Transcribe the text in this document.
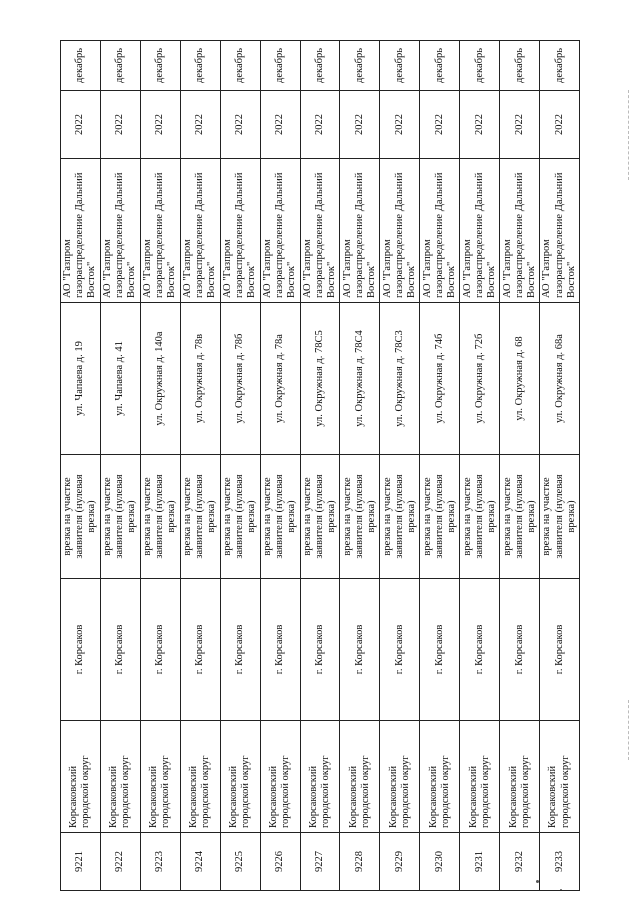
9221	Корсаковский городской округ	г. Корсаков	врезка на участке заявителя (нулевая врезка)	ул. Чапаева д. 19	АО "Газпром газораспределение Дальний Восток"	2022	декабрь
9222	Корсаковский городской округ	г. Корсаков	врезка на участке заявителя (нулевая врезка)	ул. Чапаева д. 41	АО "Газпром газораспределение Дальний Восток"	2022	декабрь
9223	Корсаковский городской округ	г. Корсаков	врезка на участке заявителя (нулевая врезка)	ул. Окружная д. 140а	АО "Газпром газораспределение Дальний Восток"	2022	декабрь
9224	Корсаковский городской округ	г. Корсаков	врезка на участке заявителя (нулевая врезка)	ул. Окружная д. 78в	АО "Газпром газораспределение Дальний Восток"	2022	декабрь
9225	Корсаковский городской округ	г. Корсаков	врезка на участке заявителя (нулевая врезка)	ул. Окружная д. 78б	АО "Газпром газораспределение Дальний Восток"	2022	декабрь
9226	Корсаковский городской округ	г. Корсаков	врезка на участке заявителя (нулевая врезка)	ул. Окружная д. 78а	АО "Газпром газораспределение Дальний Восток"	2022	декабрь
9227	Корсаковский городской округ	г. Корсаков	врезка на участке заявителя (нулевая врезка)	ул. Окружная д. 78С5	АО "Газпром газораспределение Дальний Восток"	2022	декабрь
9228	Корсаковский городской округ	г. Корсаков	врезка на участке заявителя (нулевая врезка)	ул. Окружная д. 78С4	АО "Газпром газораспределение Дальний Восток"	2022	декабрь
9229	Корсаковский городской округ	г. Корсаков	врезка на участке заявителя (нулевая врезка)	ул. Окружная д. 78С3	АО "Газпром газораспределение Дальний Восток"	2022	декабрь
9230	Корсаковский городской округ	г. Корсаков	врезка на участке заявителя (нулевая врезка)	ул. Окружная д. 74б	АО "Газпром газораспределение Дальний Восток"	2022	декабрь
9231	Корсаковский городской округ	г. Корсаков	врезка на участке заявителя (нулевая врезка)	ул. Окружная д. 72б	АО "Газпром газораспределение Дальний Восток"	2022	декабрь
9232	Корсаковский городской округ	г. Корсаков	врезка на участке заявителя (нулевая врезка)	ул. Окружная д. 68	АО "Газпром газораспределение Дальний Восток"	2022	декабрь
9233	Корсаковский городской округ	г. Корсаков	врезка на участке заявителя (нулевая врезка)	ул. Окружная д. 68а	АО "Газпром газораспределение Дальний Восток"	2022	декабрь
